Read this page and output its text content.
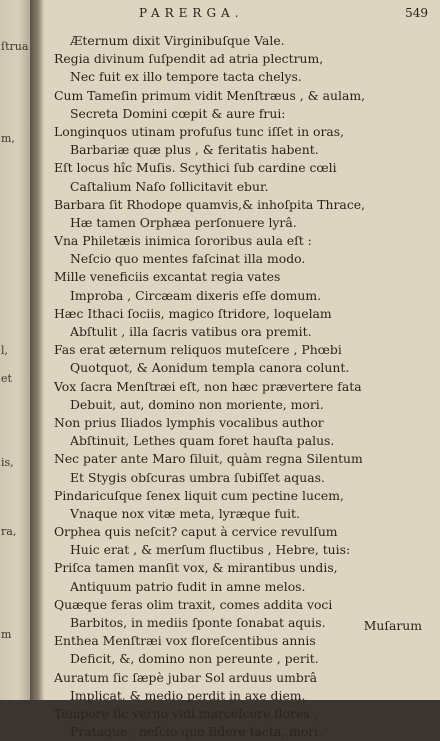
ſtrua
m,
l,
et
is,
ra,
m
PARERGA.	549
Æternum dixit Virginibuſque Vale.
Regia divinum ſuſpendit ad atria plectrum,
Nec fuit ex illo tempore tacta chelys.
Cum Tameſin primum vidit Menſtræus , & aulam,
Secreta Domini cœpit & aure frui:
Longinquos utinam profuſus tunc iſſet in oras,
Barbariæ quæ plus , & feritatis habent.
Eſt locus hîc Muſis. Scythici ſub cardine cœli
Caſtalium Naſo ſollicitavit ebur.
Barbara ſit Rhodope quamvis,& inhoſpita Thrace,
Hæ tamen Orphæa perſonuere lyrâ.
Vna Philetæis inimica ſororibus aula eſt :
Neſcio quo mentes faſcinat illa modo.
Mille veneficiis excantat regia vates
Improba , Circæam dixeris eſſe domum.
Hæc Ithaci ſociis, magico ſtridore, loquelam
Abſtulit , illa ſacris vatibus ora premit.
Fas erat æternum reliquos muteſcere , Phœbi
Quotquot, & Aonidum templa canora colunt.
Vox ſacra Menſtræi eſt, non hæc prævertere fata
Debuit, aut, domino non moriente, mori.
Non prius Iliados lymphis vocalibus author
Abſtinuit, Lethes quam foret hauſta palus.
Nec pater ante Maro ſiluit, quàm regna Silentum
Et Stygis obſcuras umbra ſubiſſet aquas.
Pindaricuſque ſenex liquit cum pectine lucem,
Vnaque nox vitæ meta, lyræque fuit.
Orphea quis neſcit? caput à cervice revulſum
Huic erat , & merſum fluctibus , Hebre, tuis:
Priſca tamen manſit vox, & mirantibus undis,
Antiquum patrio fudit in amne melos.
Quæque feras olim traxit, comes addita voci
Barbitos, in mediis ſponte ſonabat aquis.
Enthea Menſtræi vox floreſcentibus annis
Deficit, &, domino non pereunte , perit.
Auratum ſic ſæpè jubar Sol arduus umbrâ
Implicat, & medio perdit in axe diem.
Tempore ſic verno vidi marceſcere flores ,
Prataque , neſcio quo ſiderе tacta, mori.
Muſarum
